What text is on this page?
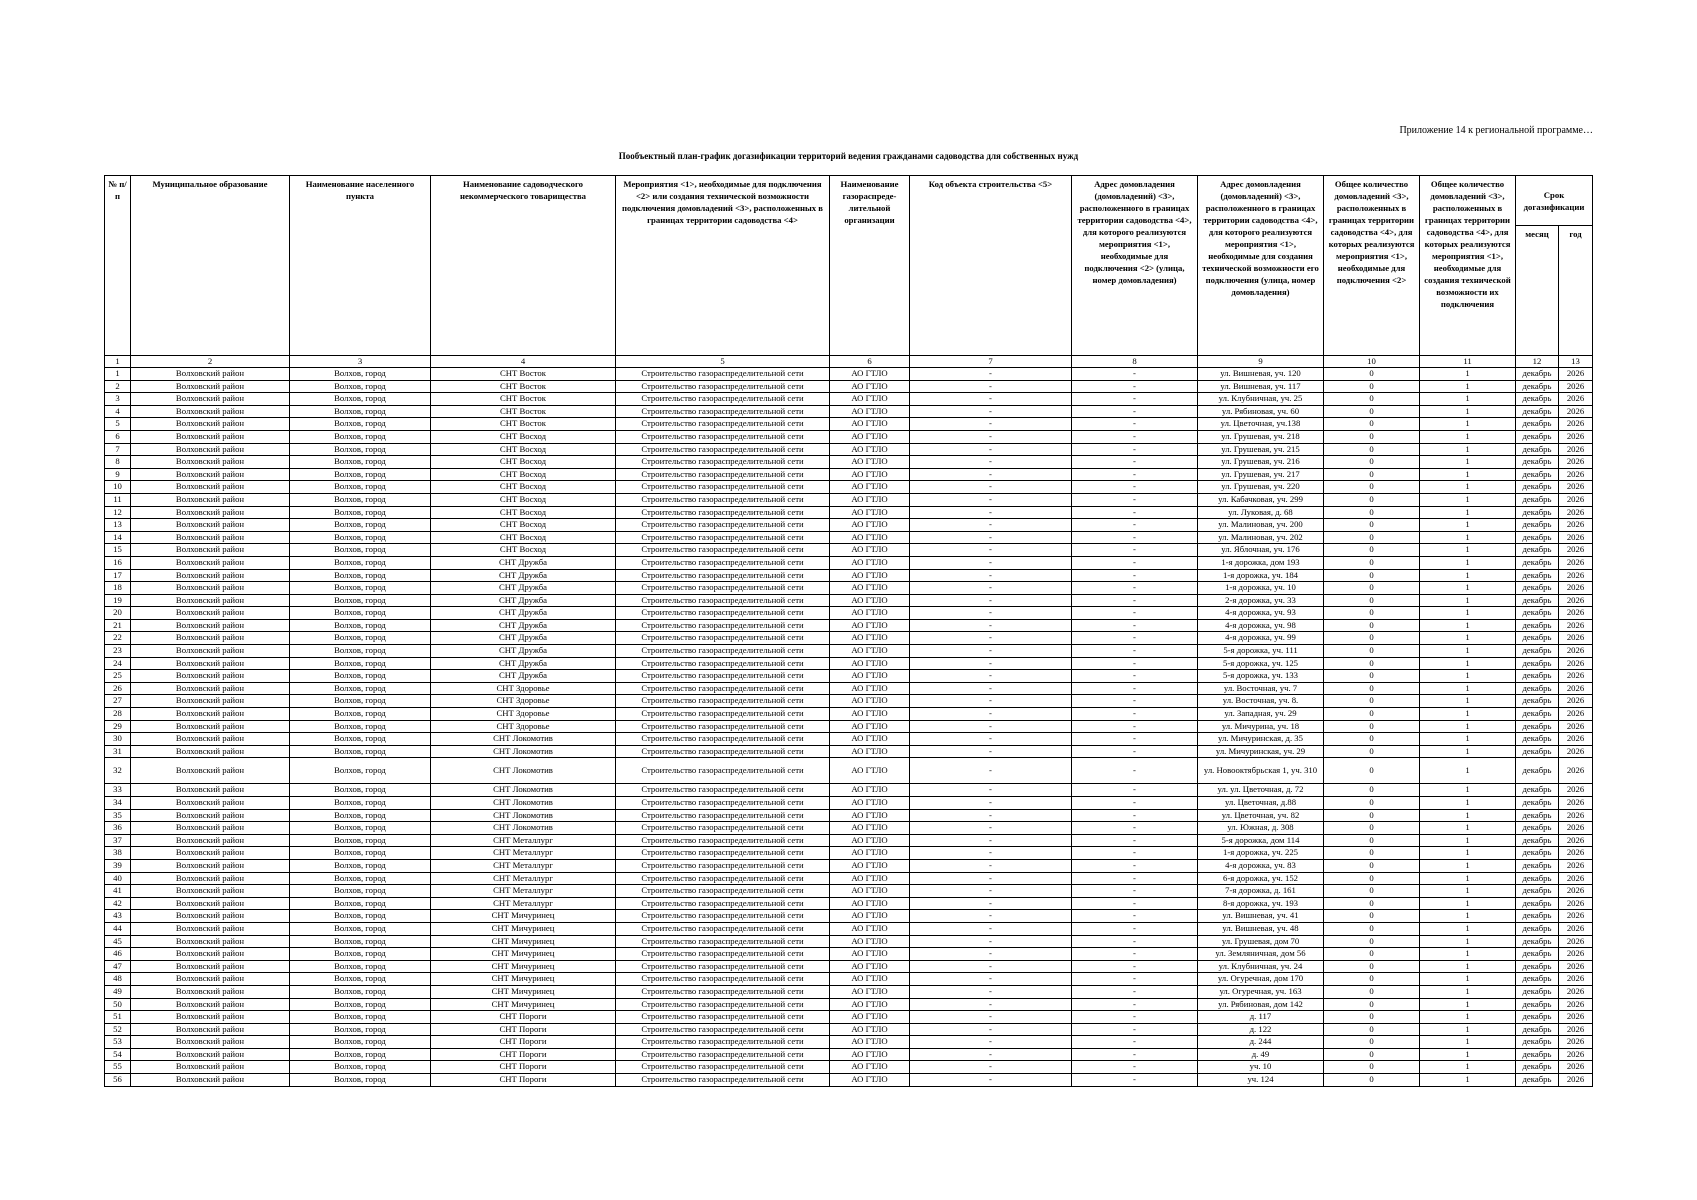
Приложение 14 к региональной программе…
Пообъектный план-график догазификации территорий ведения гражданами садоводства для собственных нужд
№ п/п	Муниципальное образование	Наименование населенного пункта	Наименование садоводческого некоммерческого товарищества	Мероприятия <1>, необходимые для подключения <2> или создания технической возможности подключения домовладений <3>, расположенных в границах территории садоводства <4>	Наименование газораспреде-лительной организации	Код объекта строительства <5>	Адрес домовладения (домовладений) <3>, расположенного в границах территории садоводства <4>, для которого реализуются мероприятия <1>, необходимые для подключения <2> (улица, номер домовладения)	Адрес домовладения (домовладений) <3>, расположенного в границах территории садоводства <4>, для которого реализуются мероприятия <1>, необходимые для создания технической возможности его подключения (улица, номер домовладения)	Общее количество домовладений <3>, расположенных в границах территории садоводства <4>, для которых реализуются мероприятия <1>, необходимые для подключения <2>	Общее количество домовладений <3>, расположенных в границах территории садоводства <4>, для которых реализуются мероприятия <1>, необходимые для создания технической возможности их подключения	Срок догазификации	
											месяц	год
1	2	3	4	5	6	7	8	9	10	11	12	13
1	Волховский район	Волхов, город	СНТ Восток	Строительство газораспределительной сети	АО ГТЛО	-	-	ул. Вишневая, уч. 120	0	1	декабрь	2026
2	Волховский район	Волхов, город	СНТ Восток	Строительство газораспределительной сети	АО ГТЛО	-	-	ул. Вишневая, уч. 117	0	1	декабрь	2026
3	Волховский район	Волхов, город	СНТ Восток	Строительство газораспределительной сети	АО ГТЛО	-	-	ул. Клубничная, уч. 25	0	1	декабрь	2026
4	Волховский район	Волхов, город	СНТ Восток	Строительство газораспределительной сети	АО ГТЛО	-	-	ул. Рябиновая, уч. 60	0	1	декабрь	2026
5	Волховский район	Волхов, город	СНТ Восток	Строительство газораспределительной сети	АО ГТЛО	-	-	ул. Цветочная, уч.138	0	1	декабрь	2026
6	Волховский район	Волхов, город	СНТ Восход	Строительство газораспределительной сети	АО ГТЛО	-	-	ул. Грушевая, уч. 218	0	1	декабрь	2026
7	Волховский район	Волхов, город	СНТ Восход	Строительство газораспределительной сети	АО ГТЛО	-	-	ул. Грушевая, уч. 215	0	1	декабрь	2026
8	Волховский район	Волхов, город	СНТ Восход	Строительство газораспределительной сети	АО ГТЛО	-	-	ул. Грушевая, уч. 216	0	1	декабрь	2026
9	Волховский район	Волхов, город	СНТ Восход	Строительство газораспределительной сети	АО ГТЛО	-	-	ул. Грушевая, уч. 217	0	1	декабрь	2026
10	Волховский район	Волхов, город	СНТ Восход	Строительство газораспределительной сети	АО ГТЛО	-	-	ул. Грушевая, уч. 220	0	1	декабрь	2026
11	Волховский район	Волхов, город	СНТ Восход	Строительство газораспределительной сети	АО ГТЛО	-	-	ул. Кабачковая, уч. 299	0	1	декабрь	2026
12	Волховский район	Волхов, город	СНТ Восход	Строительство газораспределительной сети	АО ГТЛО	-	-	ул. Луковая, д. 68	0	1	декабрь	2026
13	Волховский район	Волхов, город	СНТ Восход	Строительство газораспределительной сети	АО ГТЛО	-	-	ул. Малиновая, уч. 200	0	1	декабрь	2026
14	Волховский район	Волхов, город	СНТ Восход	Строительство газораспределительной сети	АО ГТЛО	-	-	ул. Малиновая, уч. 202	0	1	декабрь	2026
15	Волховский район	Волхов, город	СНТ Восход	Строительство газораспределительной сети	АО ГТЛО	-	-	ул. Яблочная, уч. 176	0	1	декабрь	2026
16	Волховский район	Волхов, город	СНТ Дружба	Строительство газораспределительной сети	АО ГТЛО	-	-	1-я дорожка, дом 193	0	1	декабрь	2026
17	Волховский район	Волхов, город	СНТ Дружба	Строительство газораспределительной сети	АО ГТЛО	-	-	1-я дорожка, уч. 184	0	1	декабрь	2026
18	Волховский район	Волхов, город	СНТ Дружба	Строительство газораспределительной сети	АО ГТЛО	-	-	1-я дорожка, уч. 10	0	1	декабрь	2026
19	Волховский район	Волхов, город	СНТ Дружба	Строительство газораспределительной сети	АО ГТЛО	-	-	2-я дорожка, уч. 33	0	1	декабрь	2026
20	Волховский район	Волхов, город	СНТ Дружба	Строительство газораспределительной сети	АО ГТЛО	-	-	4-я дорожка, уч. 93	0	1	декабрь	2026
21	Волховский район	Волхов, город	СНТ Дружба	Строительство газораспределительной сети	АО ГТЛО	-	-	4-я дорожка, уч. 98	0	1	декабрь	2026
22	Волховский район	Волхов, город	СНТ Дружба	Строительство газораспределительной сети	АО ГТЛО	-	-	4-я дорожка, уч. 99	0	1	декабрь	2026
23	Волховский район	Волхов, город	СНТ Дружба	Строительство газораспределительной сети	АО ГТЛО	-	-	5-я дорожка, уч. 111	0	1	декабрь	2026
24	Волховский район	Волхов, город	СНТ Дружба	Строительство газораспределительной сети	АО ГТЛО	-	-	5-я дорожка, уч. 125	0	1	декабрь	2026
25	Волховский район	Волхов, город	СНТ Дружба	Строительство газораспределительной сети	АО ГТЛО	-	-	5-я дорожка, уч. 133	0	1	декабрь	2026
26	Волховский район	Волхов, город	СНТ Здоровье	Строительство газораспределительной сети	АО ГТЛО	-	-	ул. Восточная, уч. 7	0	1	декабрь	2026
27	Волховский район	Волхов, город	СНТ Здоровье	Строительство газораспределительной сети	АО ГТЛО	-	-	ул. Восточная, уч. 8.	0	1	декабрь	2026
28	Волховский район	Волхов, город	СНТ Здоровье	Строительство газораспределительной сети	АО ГТЛО	-	-	ул. Западная, уч. 29	0	1	декабрь	2026
29	Волховский район	Волхов, город	СНТ Здоровье	Строительство газораспределительной сети	АО ГТЛО	-	-	ул. Мичурина, уч. 18	0	1	декабрь	2026
30	Волховский район	Волхов, город	СНТ Локомотив	Строительство газораспределительной сети	АО ГТЛО	-	-	ул. Мичуринская, д. 35	0	1	декабрь	2026
31	Волховский район	Волхов, город	СНТ Локомотив	Строительство газораспределительной сети	АО ГТЛО	-	-	ул. Мичуринская, уч. 29	0	1	декабрь	2026
32	Волховский район	Волхов, город	СНТ Локомотив	Строительство газораспределительной сети	АО ГТЛО	-	-	ул. Новооктябрьская 1, уч. 310	0	1	декабрь	2026
33	Волховский район	Волхов, город	СНТ Локомотив	Строительство газораспределительной сети	АО ГТЛО	-	-	ул. ул. Цветочная, д. 72	0	1	декабрь	2026
34	Волховский район	Волхов, город	СНТ Локомотив	Строительство газораспределительной сети	АО ГТЛО	-	-	ул. Цветочная, д.88	0	1	декабрь	2026
35	Волховский район	Волхов, город	СНТ Локомотив	Строительство газораспределительной сети	АО ГТЛО	-	-	ул. Цветочная, уч. 82	0	1	декабрь	2026
36	Волховский район	Волхов, город	СНТ Локомотив	Строительство газораспределительной сети	АО ГТЛО	-	-	ул. Южная, д. 308	0	1	декабрь	2026
37	Волховский район	Волхов, город	СНТ Металлург	Строительство газораспределительной сети	АО ГТЛО	-	-	5-я дорожка, дом 114	0	1	декабрь	2026
38	Волховский район	Волхов, город	СНТ Металлург	Строительство газораспределительной сети	АО ГТЛО	-	-	1-я дорожка, уч. 225	0	1	декабрь	2026
39	Волховский район	Волхов, город	СНТ Металлург	Строительство газораспределительной сети	АО ГТЛО	-	-	4-я дорожка, уч. 83	0	1	декабрь	2026
40	Волховский район	Волхов, город	СНТ Металлург	Строительство газораспределительной сети	АО ГТЛО	-	-	6-я дорожка, уч. 152	0	1	декабрь	2026
41	Волховский район	Волхов, город	СНТ Металлург	Строительство газораспределительной сети	АО ГТЛО	-	-	7-я дорожка, д. 161	0	1	декабрь	2026
42	Волховский район	Волхов, город	СНТ Металлург	Строительство газораспределительной сети	АО ГТЛО	-	-	8-я дорожка, уч. 193	0	1	декабрь	2026
43	Волховский район	Волхов, город	СНТ Мичуринец	Строительство газораспределительной сети	АО ГТЛО	-	-	ул. Вишневая, уч. 41	0	1	декабрь	2026
44	Волховский район	Волхов, город	СНТ Мичуринец	Строительство газораспределительной сети	АО ГТЛО	-	-	ул. Вишневая, уч. 48	0	1	декабрь	2026
45	Волховский район	Волхов, город	СНТ Мичуринец	Строительство газораспределительной сети	АО ГТЛО	-	-	ул. Грушевая, дом 70	0	1	декабрь	2026
46	Волховский район	Волхов, город	СНТ Мичуринец	Строительство газораспределительной сети	АО ГТЛО	-	-	ул. Земляничная, дом 56	0	1	декабрь	2026
47	Волховский район	Волхов, город	СНТ Мичуринец	Строительство газораспределительной сети	АО ГТЛО	-	-	ул. Клубничная, уч. 24	0	1	декабрь	2026
48	Волховский район	Волхов, город	СНТ Мичуринец	Строительство газораспределительной сети	АО ГТЛО	-	-	ул. Огуречная, дом 170	0	1	декабрь	2026
49	Волховский район	Волхов, город	СНТ Мичуринец	Строительство газораспределительной сети	АО ГТЛО	-	-	ул. Огуречная, уч. 163	0	1	декабрь	2026
50	Волховский район	Волхов, город	СНТ Мичуринец	Строительство газораспределительной сети	АО ГТЛО	-	-	ул. Рябиновая, дом 142	0	1	декабрь	2026
51	Волховский район	Волхов, город	СНТ Пороги	Строительство газораспределительной сети	АО ГТЛО	-	-	д. 117	0	1	декабрь	2026
52	Волховский район	Волхов, город	СНТ Пороги	Строительство газораспределительной сети	АО ГТЛО	-	-	д. 122	0	1	декабрь	2026
53	Волховский район	Волхов, город	СНТ Пороги	Строительство газораспределительной сети	АО ГТЛО	-	-	д. 244	0	1	декабрь	2026
54	Волховский район	Волхов, город	СНТ Пороги	Строительство газораспределительной сети	АО ГТЛО	-	-	д. 49	0	1	декабрь	2026
55	Волховский район	Волхов, город	СНТ Пороги	Строительство газораспределительной сети	АО ГТЛО	-	-	уч. 10	0	1	декабрь	2026
56	Волховский район	Волхов, город	СНТ Пороги	Строительство газораспределительной сети	АО ГТЛО	-	-	уч. 124	0	1	декабрь	2026
